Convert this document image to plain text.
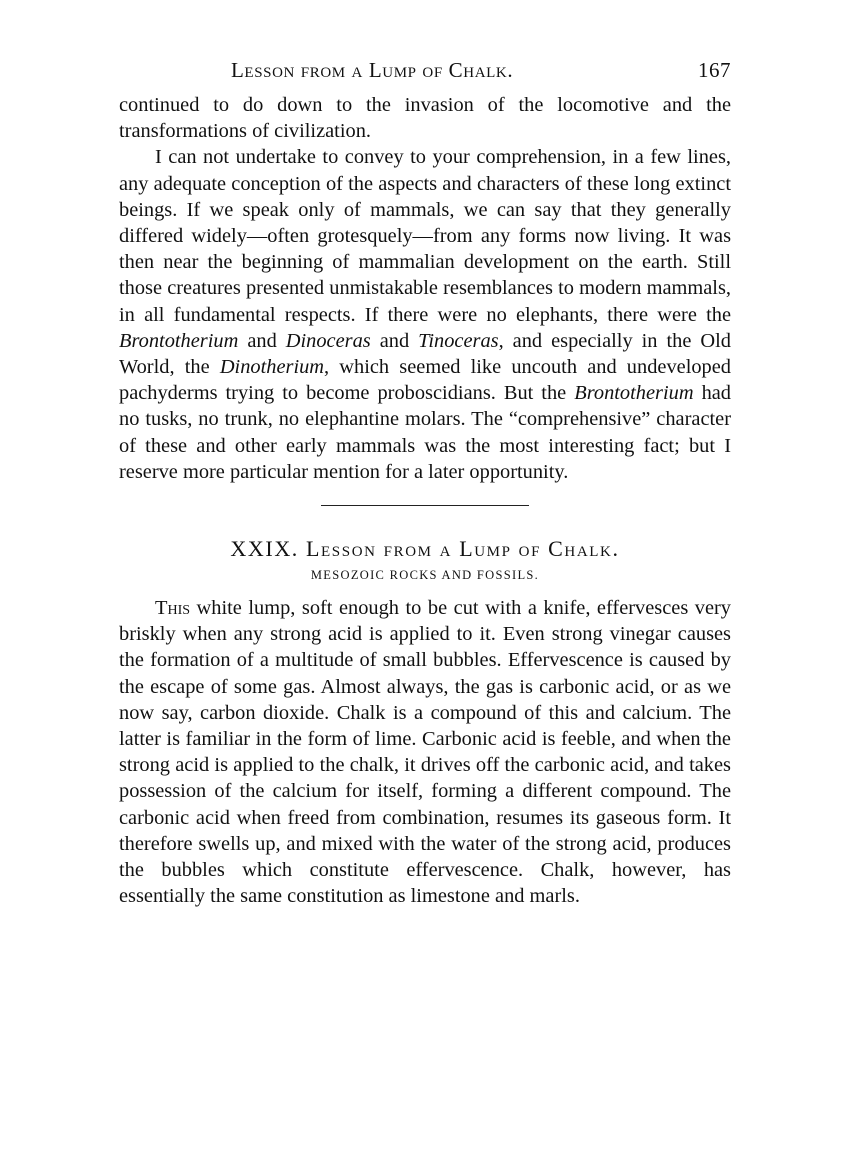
Lesson from a Lump of Chalk.	167

continued to do down to the invasion of the locomotive and the transformations of civilization.

I can not undertake to convey to your comprehension, in a few lines, any adequate conception of the aspects and characters of these long extinct beings. If we speak only of mammals, we can say that they generally differed widely—often grotesquely—from any forms now living. It was then near the beginning of mammalian development on the earth. Still those creatures presented unmistakable resemblances to modern mammals, in all fundamental respects. If there were no elephants, there were the Brontotherium and Dinoceras and Tinoceras, and especially in the Old World, the Dinotherium, which seemed like uncouth and undeveloped pachyderms trying to become proboscidians. But the Brontotherium had no tusks, no trunk, no elephantine molars. The “comprehensive” character of these and other early mammals was the most interesting fact; but I reserve more particular mention for a later opportunity.

XXIX. Lesson from a Lump of Chalk.
MESOZOIC ROCKS AND FOSSILS.

This white lump, soft enough to be cut with a knife, effervesces very briskly when any strong acid is applied to it. Even strong vinegar causes the formation of a multitude of small bubbles. Effervescence is caused by the escape of some gas. Almost always, the gas is carbonic acid, or as we now say, carbon dioxide. Chalk is a compound of this and calcium. The latter is familiar in the form of lime. Carbonic acid is feeble, and when the strong acid is applied to the chalk, it drives off the carbonic acid, and takes possession of the calcium for itself, forming a different compound. The carbonic acid when freed from combination, resumes its gaseous form. It therefore swells up, and mixed with the water of the strong acid, produces the bubbles which constitute effervescence. Chalk, however, has essentially the same constitution as limestone and marls.
